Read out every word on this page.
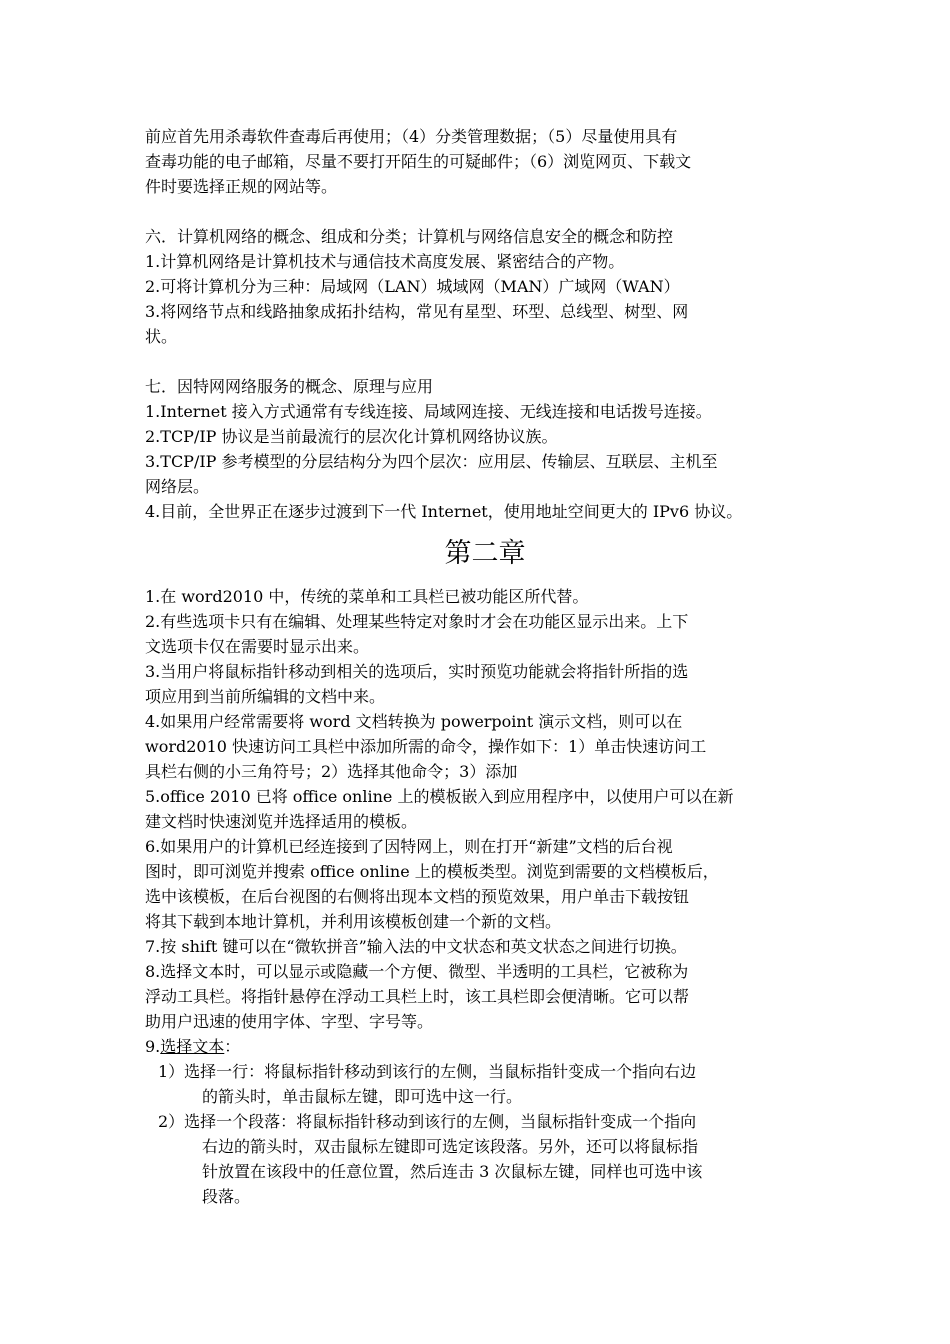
前应首先用杀毒软件查毒后再使用；（4）分类管理数据；（5）尽量使用具有
查毒功能的电子邮箱，尽量不要打开陌生的可疑邮件；（6）浏览网页、下载文
件时要选择正规的网站等。
六．计算机网络的概念、组成和分类；计算机与网络信息安全的概念和防控
1.计算机网络是计算机技术与通信技术高度发展、紧密结合的产物。
2.可将计算机分为三种：局域网（LAN）城域网（MAN）广域网（WAN）
3.将网络节点和线路抽象成拓扑结构，常见有星型、环型、总线型、树型、网
状。
七．因特网网络服务的概念、原理与应用
1.Internet 接入方式通常有专线连接、局域网连接、无线连接和电话拨号连接。
2.TCP/IP 协议是当前最流行的层次化计算机网络协议族。
3.TCP/IP 参考模型的分层结构分为四个层次：应用层、传输层、互联层、主机至
网络层。
4.目前，全世界正在逐步过渡到下一代 Internet，使用地址空间更大的 IPv6 协议。
第二章
1.在 word2010 中，传统的菜单和工具栏已被功能区所代替。
2.有些选项卡只有在编辑、处理某些特定对象时才会在功能区显示出来。上下
文选项卡仅在需要时显示出来。
3.当用户将鼠标指针移动到相关的选项后，实时预览功能就会将指针所指的选
项应用到当前所编辑的文档中来。
4.如果用户经常需要将 word 文档转换为 powerpoint 演示文档，则可以在
word2010 快速访问工具栏中添加所需的命令，操作如下：1）单击快速访问工
具栏右侧的小三角符号；2）选择其他命令；3）添加
5.office 2010 已将 office online 上的模板嵌入到应用程序中，以使用户可以在新
建文档时快速浏览并选择适用的模板。
6.如果用户的计算机已经连接到了因特网上，则在打开“新建”文档的后台视
图时，即可浏览并搜索 office online 上的模板类型。浏览到需要的文档模板后，
选中该模板，在后台视图的右侧将出现本文档的预览效果，用户单击下载按钮
将其下载到本地计算机，并利用该模板创建一个新的文档。
7.按 shift 键可以在“微软拼音”输入法的中文状态和英文状态之间进行切换。
8.选择文本时，可以显示或隐藏一个方便、微型、半透明的工具栏，它被称为
浮动工具栏。将指针悬停在浮动工具栏上时，该工具栏即会便清晰。它可以帮
助用户迅速的使用字体、字型、字号等。
9.选择文本：
1）选择一行：将鼠标指针移动到该行的左侧，当鼠标指针变成一个指向右边
的箭头时，单击鼠标左键，即可选中这一行。
2）选择一个段落：将鼠标指针移动到该行的左侧，当鼠标指针变成一个指向
右边的箭头时，双击鼠标左键即可选定该段落。另外，还可以将鼠标指
针放置在该段中的任意位置，然后连击 3 次鼠标左键，同样也可选中该
段落。
